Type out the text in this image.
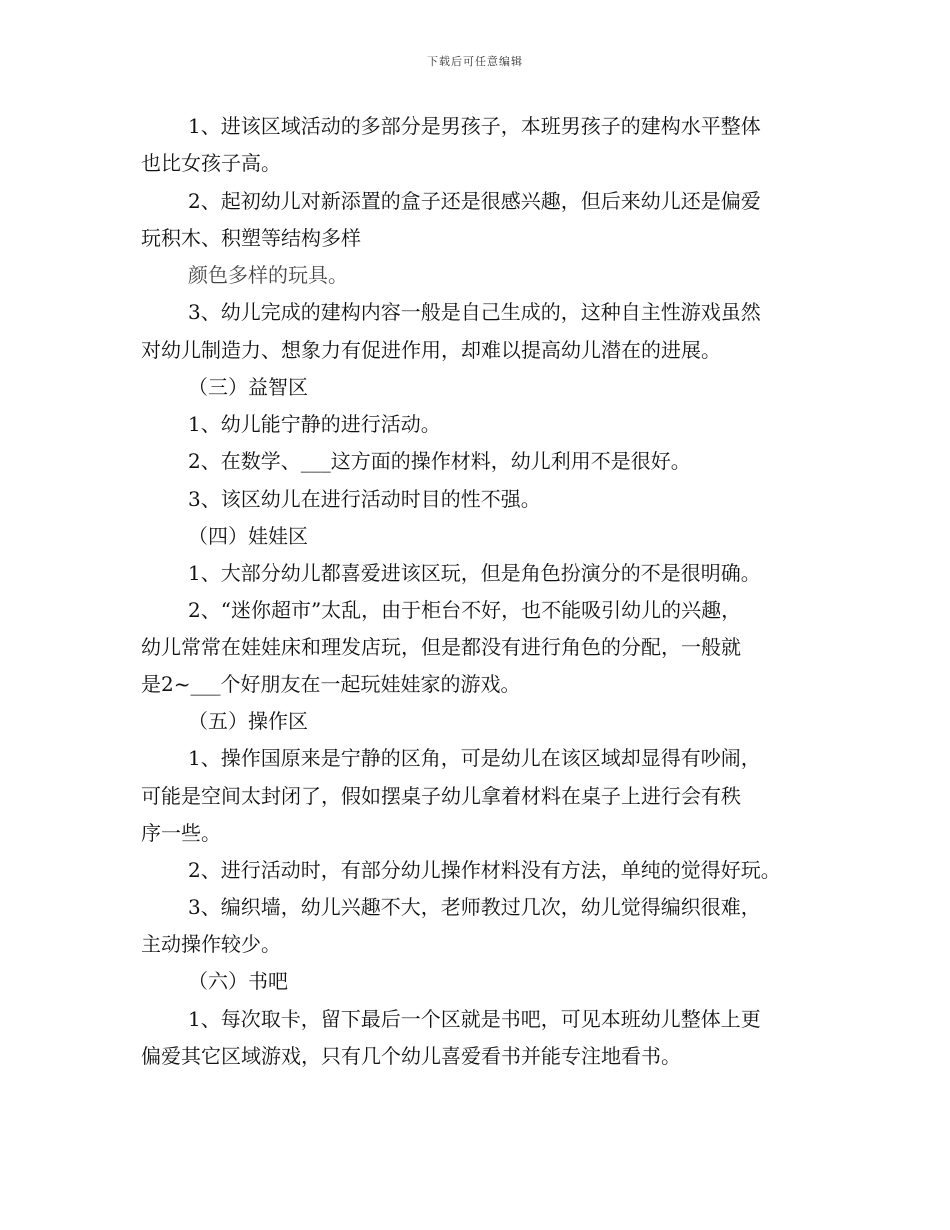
下载后可任意编辑
1、进该区域活动的多部分是男孩子，本班男孩子的建构水平整体
也比女孩子高。
2、起初幼儿对新添置的盒子还是很感兴趣，但后来幼儿还是偏爱
玩积木、积塑等结构多样
颜色多样的玩具。
3、幼儿完成的建构内容一般是自己生成的，这种自主性游戏虽然
对幼儿制造力、想象力有促进作用，却难以提高幼儿潜在的进展。
（三）益智区
1、幼儿能宁静的进行活动。
2、在数学、___这方面的操作材料，幼儿利用不是很好。
3、该区幼儿在进行活动时目的性不强。
（四）娃娃区
1、大部分幼儿都喜爱进该区玩，但是角色扮演分的不是很明确。
2、“迷你超市”太乱，由于柜台不好，也不能吸引幼儿的兴趣，
幼儿常常在娃娃床和理发店玩，但是都没有进行角色的分配，一般就
是2~___个好朋友在一起玩娃娃家的游戏。
（五）操作区
1、操作国原来是宁静的区角，可是幼儿在该区域却显得有吵闹，
可能是空间太封闭了，假如摆桌子幼儿拿着材料在桌子上进行会有秩
序一些。
2、进行活动时，有部分幼儿操作材料没有方法，单纯的觉得好玩。
3、编织墙，幼儿兴趣不大，老师教过几次，幼儿觉得编织很难，
主动操作较少。
（六）书吧
1、每次取卡，留下最后一个区就是书吧，可见本班幼儿整体上更
偏爱其它区域游戏，只有几个幼儿喜爱看书并能专注地看书。
